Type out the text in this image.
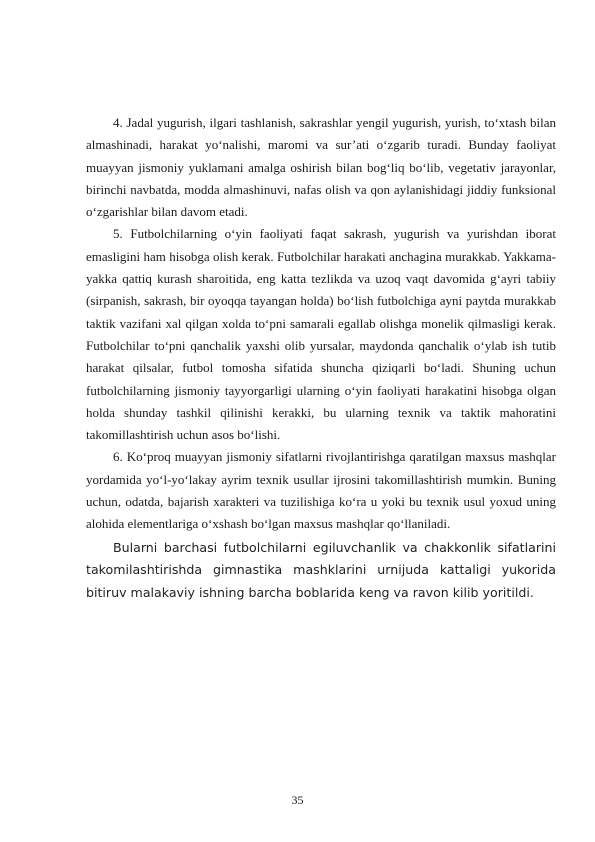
4. Jadal yugurish, ilgari tashlanish, sakrashlar yengil yugurish, yurish, to‘xtash bilan almashinadi, harakat yo‘nalishi, maromi va sur’ati o‘zgarib turadi. Bunday faoliyat muayyan jismoniy yuklamani amalga oshirish bilan bog‘liq bo‘lib, vegetativ jarayonlar, birinchi navbatda, modda almashinuvi, nafas olish va qon aylanishidagi jiddiy funksional o‘zgarishlar bilan davom etadi.

5. Futbolchilarning o‘yin faoliyati faqat sakrash, yugurish va yurishdan iborat emasligini ham hisobga olish kerak. Futbolchilar harakati anchagina murakkab. Yakkama-yakka qattiq kurash sharoitida, eng katta tezlikda va uzoq vaqt davomida g‘ayri tabiiy (sirpanish, sakrash, bir oyoqqa tayangan holda) bo‘lish futbolchiga ayni paytda murakkab taktik vazifani xal qilgan xolda to‘pni samarali egallab olishga monelik qilmasligi kerak. Futbolchilar to‘pni qanchalik yaxshi olib yursalar, maydonda qanchalik o‘ylab ish tutib harakat qilsalar, futbol tomosha sifatida shuncha qiziqarli bo‘ladi. Shuning uchun futbolchilarning jismoniy tayyorgarligi ularning o‘yin faoliyati harakatini hisobga olgan holda shunday tashkil qilinishi kerakki, bu ularning texnik va taktik mahoratini takomillashtirish uchun asos bo‘lishi.

6. Ko‘proq muayyan jismoniy sifatlarni rivojlantirishga qaratilgan maxsus mashqlar yordamida yo‘l-yo‘lakay ayrim texnik usullar ijrosini takomillashtirish mumkin. Buning uchun, odatda, bajarish xarakteri va tuzilishiga ko‘ra u yoki bu texnik usul yoxud uning alohida elementlariga o‘xshash bo‘lgan maxsus mashqlar qo‘llaniladi.

Bularni barchasi futbolchilarni egiluvchanlik va chakkonlik sifatlarini takomilashtirishda gimnastika mashklarini urnijuda kattaligi yukorida bitiruv malakaviy ishning barcha boblarida keng va ravon kilib yoritildi.

35
